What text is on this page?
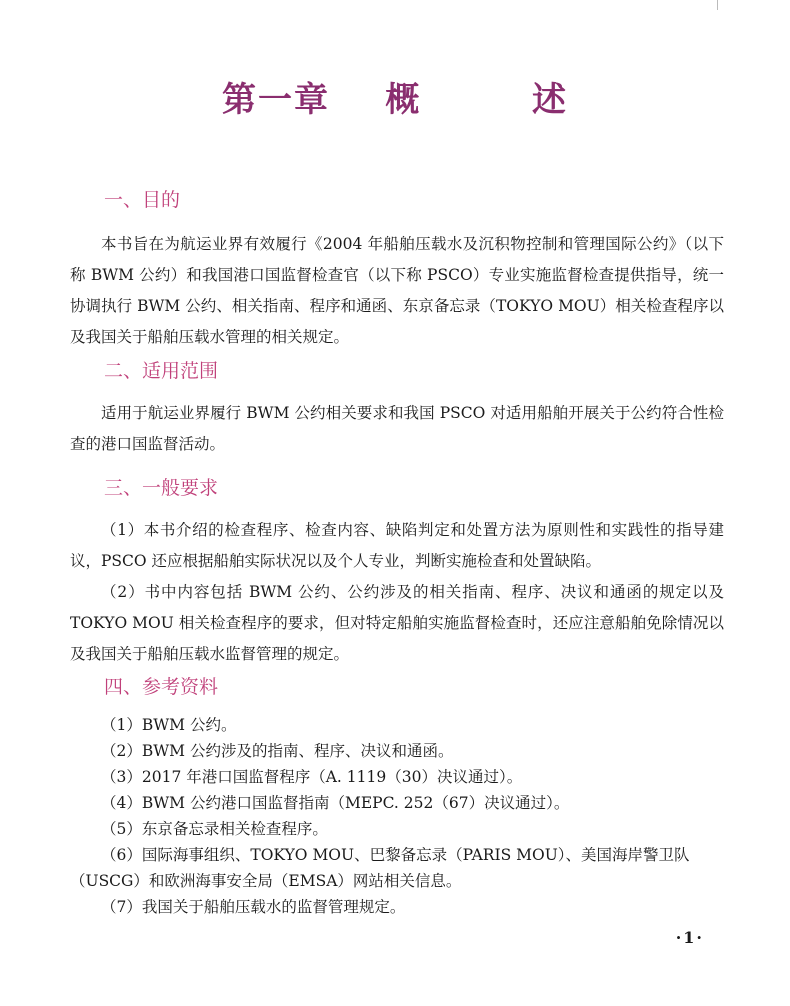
第一章    概        述
一、目的
本书旨在为航运业界有效履行《2004 年船舶压载水及沉积物控制和管理国际公约》（以下称 BWM 公约）和我国港口国监督检查官（以下称 PSCO）专业实施监督检查提供指导，统一协调执行 BWM 公约、相关指南、程序和通函、东京备忘录（TOKYO MOU）相关检查程序以及我国关于船舶压载水管理的相关规定。
二、适用范围
适用于航运业界履行 BWM 公约相关要求和我国 PSCO 对适用船舶开展关于公约符合性检查的港口国监督活动。
三、一般要求
（1）本书介绍的检查程序、检查内容、缺陷判定和处置方法为原则性和实践性的指导建议，PSCO 还应根据船舶实际状况以及个人专业，判断实施检查和处置缺陷。
（2）书中内容包括 BWM 公约、公约涉及的相关指南、程序、决议和通函的规定以及 TOKYO MOU 相关检查程序的要求，但对特定船舶实施监督检查时，还应注意船舶免除情况以及我国关于船舶压载水监督管理的规定。
四、参考资料
（1）BWM 公约。
（2）BWM 公约涉及的指南、程序、决议和通函。
（3）2017 年港口国监督程序（A. 1119（30）决议通过）。
（4）BWM 公约港口国监督指南（MEPC. 252（67）决议通过）。
（5）东京备忘录相关检查程序。
（6）国际海事组织、TOKYO MOU、巴黎备忘录（PARIS MOU）、美国海岸警卫队（USCG）和欧洲海事安全局（EMSA）网站相关信息。
（7）我国关于船舶压载水的监督管理规定。
·1·
